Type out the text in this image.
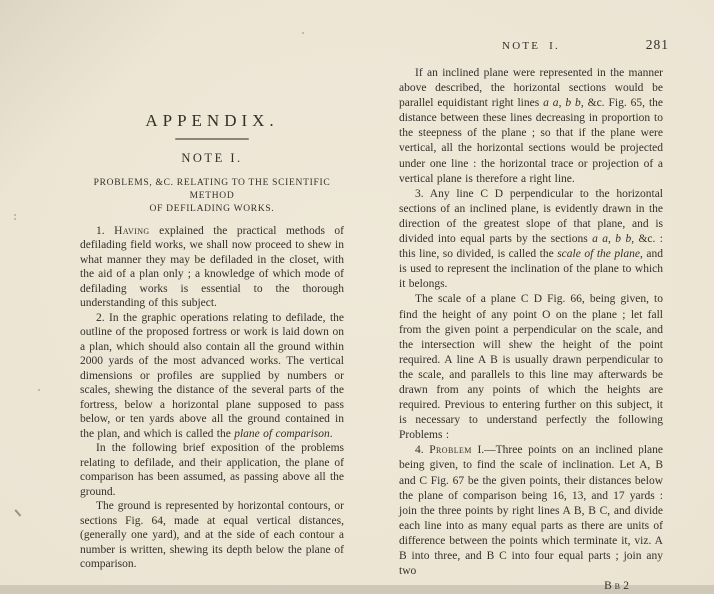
APPENDIX.
NOTE I.
PROBLEMS, &C. RELATING TO THE SCIENTIFIC METHOD
OF DEFILADING WORKS.

1. Having explained the practical methods of defilading field works, we shall now proceed to shew in what manner they may be defiladed in the closet, with the aid of a plan only ; a knowledge of which mode of defilading works is essential to the thorough understanding of this subject.

2. In the graphic operations relating to defilade, the outline of the proposed fortress or work is laid down on a plan, which should also contain all the ground within 2000 yards of the most advanced works. The vertical dimensions or profiles are supplied by numbers or scales, shewing the distance of the several parts of the fortress, below a horizontal plane supposed to pass below, or ten yards above all the ground contained in the plan, and which is called the plane of comparison.

In the following brief exposition of the problems relating to defilade, and their application, the plane of comparison has been assumed, as passing above all the ground.

The ground is represented by horizontal contours, or sections Fig. 64, made at equal vertical distances, (generally one yard), and at the side of each contour a number is written, shewing its depth below the plane of comparison.

NOTE I.	281

If an inclined plane were represented in the manner above described, the horizontal sections would be parallel equidistant right lines a a, b b, &c. Fig. 65, the distance between these lines decreasing in proportion to the steepness of the plane ; so that if the plane were vertical, all the horizontal sections would be projected under one line : the horizontal trace or projection of a vertical plane is therefore a right line.

3. Any line C D perpendicular to the horizontal sections of an inclined plane, is evidently drawn in the direction of the greatest slope of that plane, and is divided into equal parts by the sections a a, b b, &c. : this line, so divided, is called the scale of the plane, and is used to represent the inclination of the plane to which it belongs.

The scale of a plane C D Fig. 66, being given, to find the height of any point O on the plane ; let fall from the given point a perpendicular on the scale, and the intersection will shew the height of the point required. A line A B is usually drawn perpendicular to the scale, and parallels to this line may afterwards be drawn from any points of which the heights are required. Previous to entering further on this subject, it is necessary to understand perfectly the following Problems :

4. Problem I.—Three points on an inclined plane being given, to find the scale of inclination. Let A, B and C Fig. 67 be the given points, their distances below the plane of comparison being 16, 13, and 17 yards : join the three points by right lines A B, B C, and divide each line into as many equal parts as there are units of difference between the points which terminate it, viz. A B into three, and B C into four equal parts ; join any two

B b 2
